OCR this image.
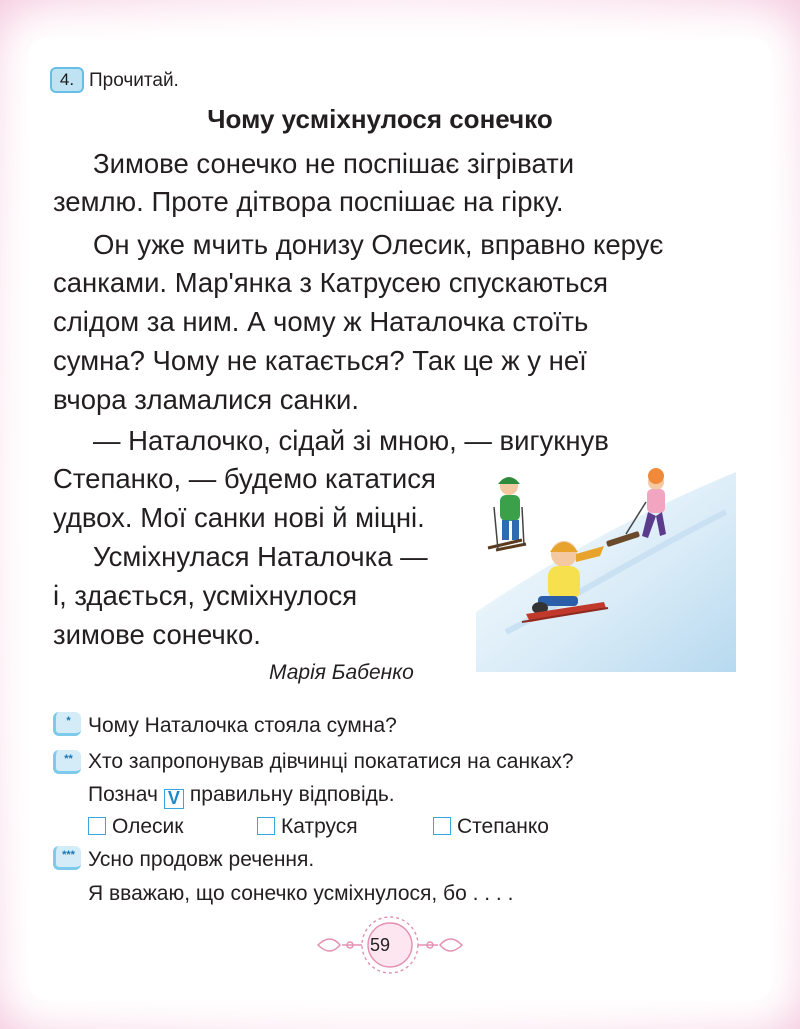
4. Прочитай.
Чому усміхнулося сонечко
Зимове сонечко не поспішає зігрівати
землю. Проте дітвора поспішає на гірку.
Он уже мчить донизу Олесик, вправно керує
санками. Мар'янка з Катрусею спускаються
слідом за ним. А чому ж Наталочка стоїть
сумна? Чому не катається? Так це ж у неї
вчора зламалися санки.
— Наталочко, сідай зі мною, — вигукнув
Степанко, — будемо кататися
удвох. Мої санки нові й міцні.
Усміхнулася Наталочка —
і, здається, усміхнулося
зимове сонечко.
Марія Бабенко
* Чому Наталочка стояла сумна?
** Хто запропонував дівчинці покататися на санках?
Познач V правильну відповідь.
Олесик	Катруся	Степанко
*** Усно продовж речення.
Я вважаю, що сонечко усміхнулося, бо . . . .
59
